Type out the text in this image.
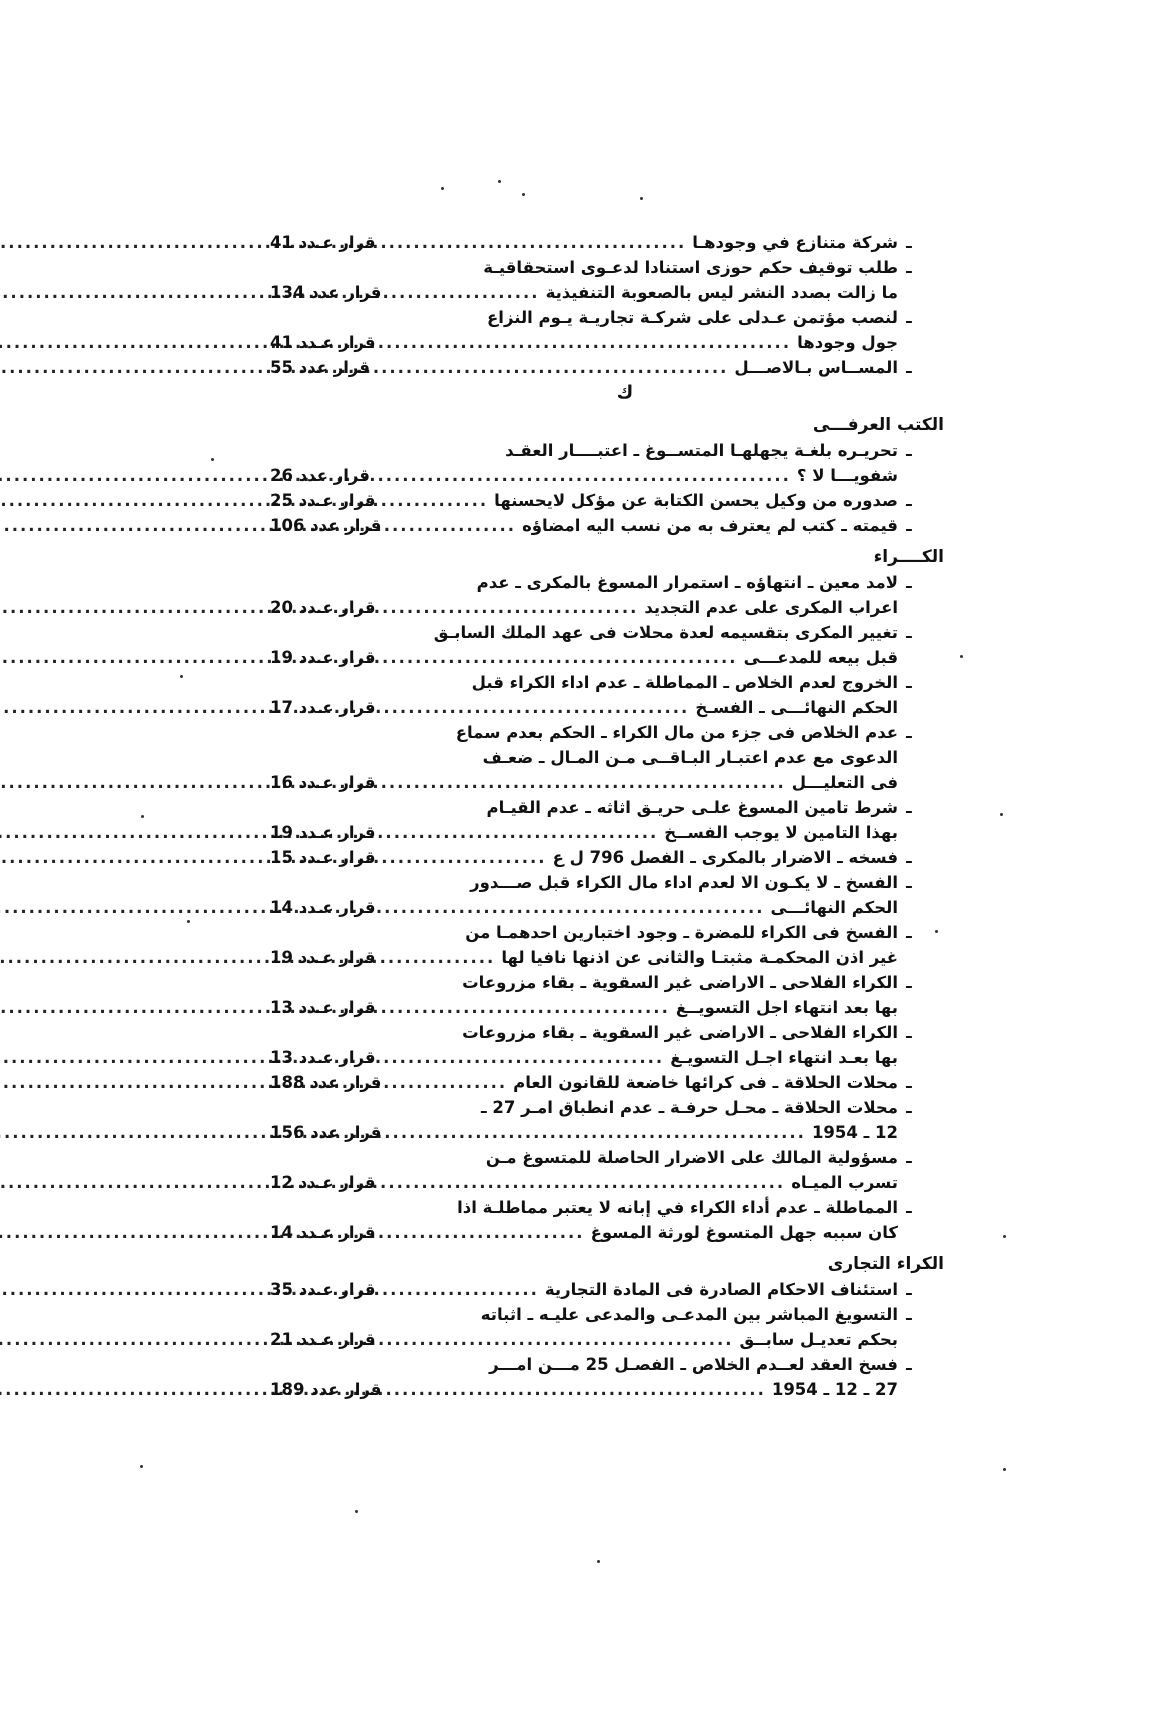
ـ
شركة متنازع في وجودهـا
.....
قرار عـدد 41
ـ
طلب توقيف حكم حوزى استنادا لدعـوى استحقاقيـة
ما زالت بصدد النشر ليس بالصعوبة التنفيذية
.....
قرار عدد 134
ـ
لنصب مؤتمن عـدلى على شركـة تجاريـة يـوم النزاع
جول وجودها
.....
قرار عـدد 41
ـ
المســاس بـالاصـــل
.....
قرار عدد 55
ك
الكتب العرفـــى
ـ
تحريـره بلغـة يجهلهـا المتســوغ ـ اعتبــــار العقـد
شفويـــا لا ؟
.....
قرار عدد 26
ـ
صدوره من وكيل يحسن الكتابة عن مؤكل لايحسنها
.....
قرار عـدد 25
ـ
قيمته ـ كتب لم يعترف به من نسب اليه امضاؤه
.....
قرار عدد 106
الكــــراء
ـ
لامد معين ـ انتهاؤه ـ استمرار المسوغ بالمكرى ـ عدم
اعراب المكرى على عدم التجديد
.....
قرار عـدد 20
ـ
تغيير المكرى بتقسيمه لعدة محلات فى عهد الملك السابـق
قبل بيعه للمدعـــى
.....
قرار عـدد 19
ـ
الخروج لعدم الخلاص ـ المماطلة ـ عدم اداء الكراء قبل
الحكم النهائـــى ـ الفسـخ
.....
قرار عـدد 17
ـ
عدم الخلاص فى جزء من مال الكراء ـ الحكم بعدم سماع
الدعوى مع عدم اعتبـار البـاقــى مـن المـال ـ ضعـف
فى التعليـــل
.....
قرار عـدد 16
ـ
شرط تامين المسوغ علـى حريـق اثاثه ـ عدم القيـام
بهذا التامين لا يوجب الفســخ
.....
قرار عـدد 19
ـ
فسخه ـ الاضرار بالمكرى ـ الفصل 796 ل ع
.....
قرار عـدد 15
ـ
الفسخ ـ لا يكـون الا لعدم اداء مال الكراء قبل صـــدور
الحكم النهائـــى
.....
قرار عـدد 14
ـ
الفسخ فى الكراء للمضرة ـ وجود اختبارين احدهمـا من
غير اذن المحكمـة مثبتـا والثانى عن اذنها نافيا لها
.....
قرار عـدد 19
ـ
الكراء الفلاحى ـ الاراضى غير السقوية ـ بقاء مزروعات
بها بعد انتهاء اجل التسويــغ
.....
قرار عـدد 13
ـ
الكراء الفلاحى ـ الاراضى غير السقوية ـ بقاء مزروعات
بها بعـد انتهاء اجـل التسويـغ
.....
قرار عـدد 13
ـ
محلات الحلاقة ـ فى كرائها خاضعة للقانون العام
.....
قرار عدد 188
ـ
محلات الحلاقة ـ محـل حرفـة ـ عدم انطباق امـر 27 ـ
12 ـ 1954
.....
قرار عدد 156
ـ
مسؤولية المالك على الاضرار الحاصلة للمتسوغ مـن
تسرب الميـاه
.....
قرار عـدد 12
ـ
المماطلة ـ عدم أداء الكراء في إبانه لا يعتبر مماطلـة اذا
كان سببه جهل المتسوغ لورثة المسوغ
.....
قرار عـدد 14
الكراء التجارى
ـ
استئناف الاحكام الصادرة فى المادة التجارية
.....
قرار عـدد 35
ـ
التسويغ المباشر بين المدعـى والمدعى عليـه ـ اثباته
بحكم تعديـل سابــق
.....
قرار عـدد 21
ـ
فسخ العقد لعــدم الخلاص ـ الفصـل 25 مـــن امـــر
27 ـ 12 ـ 1954
.....
قرار عدد 189
